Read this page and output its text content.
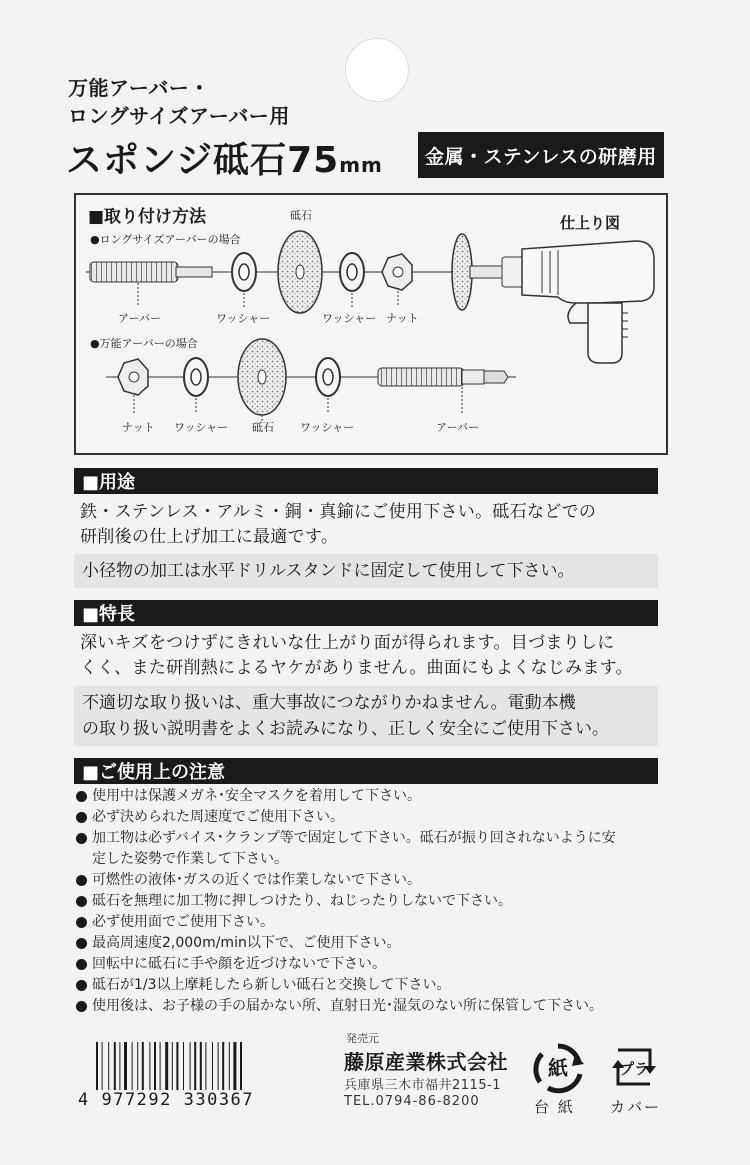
万能アーバー・
ロングサイズアーバー用
スポンジ砥石75mm	金属・ステンレスの研磨用
■取り付け方法
●ロングサイズアーバーの場合
仕上り図
アーバー	ワッシャー
砥石
ワッシャー ナット
●万能アーバーの場合
ナット ワッシャー 砥石 ワッシャー	アーバー
■用途

鉄・ステンレス・アルミ・銅・真鍮にご使用下さい。砥石などでの

研削後の仕上げ加工に最適です。

小径物の加工は水平ドリルスタンドに固定して使用して下さい。
■特長

深いキズをつけずにきれいな仕上がり面が得られます。目づまりしに

くく、また研削熱によるヤケがありません。曲面にもよくなじみます。

不適切な取り扱いは、重大事故につながりかねません。電動本機
の取り扱い説明書をよくお読みになり、正しく安全にご使用下さい。
■ご使用上の注意
使用中は保護メガネ･安全マスクを着用して下さい。
必ず決められた周速度でご使用下さい。
加工物は必ずバイス･クランプ等で固定して下さい。砥石が振り回されないように安
定した姿勢で作業して下さい。
可燃性の液体･ガスの近くでは作業しないで下さい。
砥石を無理に加工物に押しつけたり、ねじったりしないで下さい。
必ず使用面でご使用下さい。
最高周速度2,000m/min以下で、ご使用下さい。
回転中に砥石に手や顔を近づけないで下さい。
砥石が1/3以上摩耗したら新しい砥石と交換して下さい。
使用後は、お子様の手の届かない所、直射日光･湿気のない所に保管して下さい。
4 977292 330367
発売元
藤原産業株式会社
兵庫県三木市福井2115-1
TEL.0794-86-8200
紙
台 紙
プラ
カバー
